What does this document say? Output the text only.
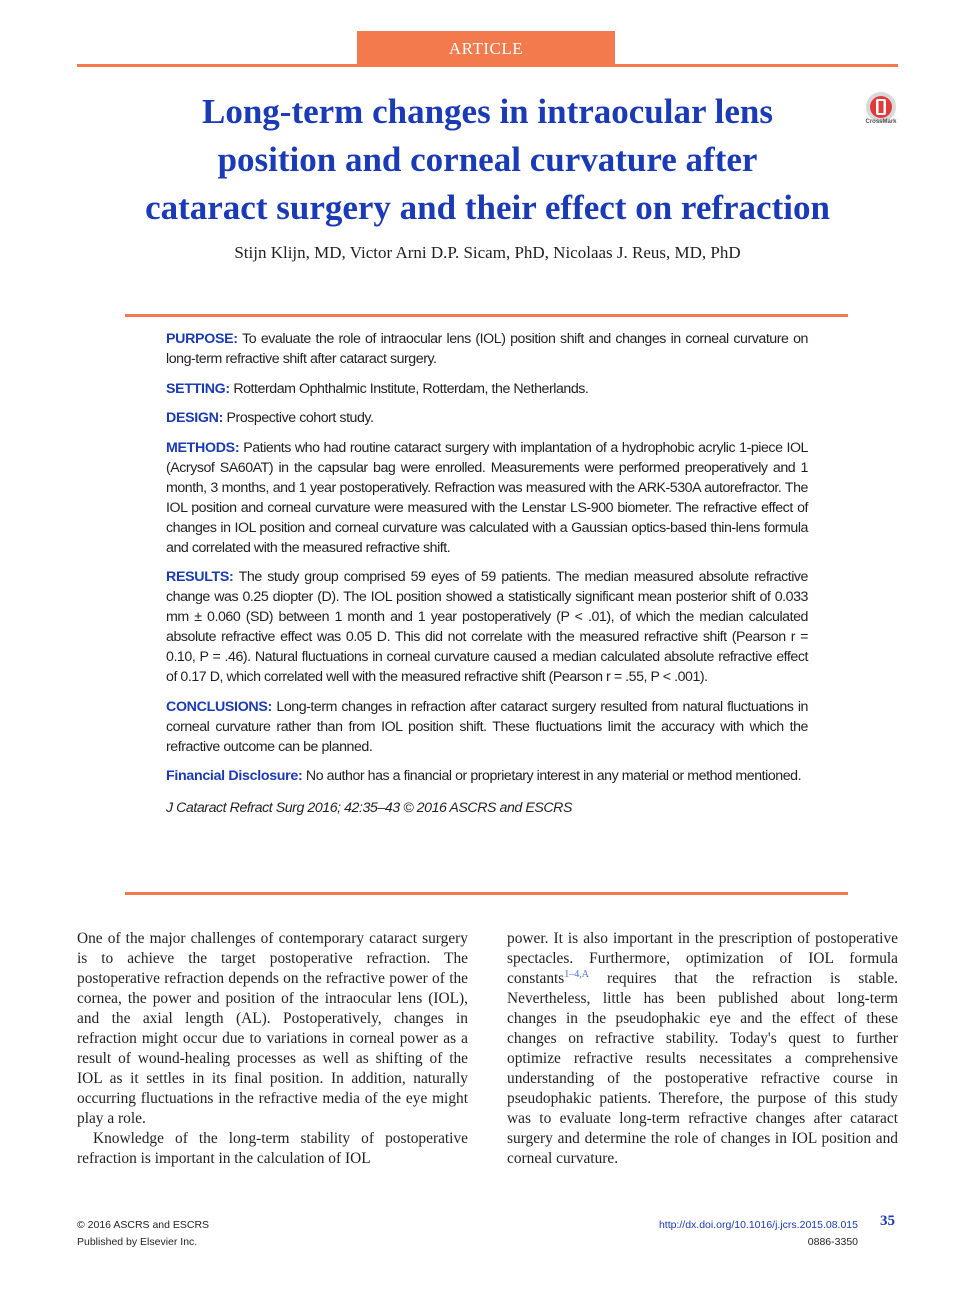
ARTICLE
CrossMark
Long-term changes in intraocular lens
position and corneal curvature after
cataract surgery and their effect on refraction
Stijn Klijn, MD, Victor Arni D.P. Sicam, PhD, Nicolaas J. Reus, MD, PhD

PURPOSE: To evaluate the role of intraocular lens (IOL) position shift and changes in corneal curvature on long-term refractive shift after cataract surgery.

SETTING: Rotterdam Ophthalmic Institute, Rotterdam, the Netherlands.

DESIGN: Prospective cohort study.

METHODS: Patients who had routine cataract surgery with implantation of a hydrophobic acrylic 1-piece IOL (Acrysof SA60AT) in the capsular bag were enrolled. Measurements were performed preoperatively and 1 month, 3 months, and 1 year postoperatively. Refraction was measured with the ARK-530A autorefractor. The IOL position and corneal curvature were measured with the Lenstar LS-900 biometer. The refractive effect of changes in IOL position and corneal curvature was calculated with a Gaussian optics-based thin-lens formula and correlated with the measured refractive shift.

RESULTS: The study group comprised 59 eyes of 59 patients. The median measured absolute refractive change was 0.25 diopter (D). The IOL position showed a statistically significant mean posterior shift of 0.033 mm ± 0.060 (SD) between 1 month and 1 year postoperatively (P < .01), of which the median calculated absolute refractive effect was 0.05 D. This did not correlate with the measured refractive shift (Pearson r = 0.10, P = .46). Natural fluctuations in corneal curvature caused a median calculated absolute refractive effect of 0.17 D, which correlated well with the measured refractive shift (Pearson r = .55, P < .001).

CONCLUSIONS: Long-term changes in refraction after cataract surgery resulted from natural fluctuations in corneal curvature rather than from IOL position shift. These fluctuations limit the accuracy with which the refractive outcome can be planned.

Financial Disclosure: No author has a financial or proprietary interest in any material or method mentioned.

J Cataract Refract Surg 2016; 42:35–43 © 2016 ASCRS and ESCRS

One of the major challenges of contemporary cataract surgery is to achieve the target postoperative refraction. The postoperative refraction depends on the refractive power of the cornea, the power and position of the intraocular lens (IOL), and the axial length (AL). Postoperatively, changes in refraction might occur due to variations in corneal power as a result of wound-healing processes as well as shifting of the IOL as it settles in its final position. In addition, naturally occurring fluctuations in the refractive media of the eye might play a role.

Knowledge of the long-term stability of postoperative refraction is important in the calculation of IOL

power. It is also important in the prescription of postoperative spectacles. Furthermore, optimization of IOL formula constants$^{1-4,A}$ requires that the refraction is stable. Nevertheless, little has been published about long-term changes in the pseudophakic eye and the effect of these changes on refractive stability. Today's quest to further optimize refractive results necessitates a comprehensive understanding of the postoperative refractive course in pseudophakic patients. Therefore, the purpose of this study was to evaluate long-term refractive changes after cataract surgery and determine the role of changes in IOL position and corneal curvature.

© 2016 ASCRS and ESCRS
Published by Elsevier Inc.
http://dx.doi.org/10.1016/j.jcrs.2015.08.015
0886-3350
35
